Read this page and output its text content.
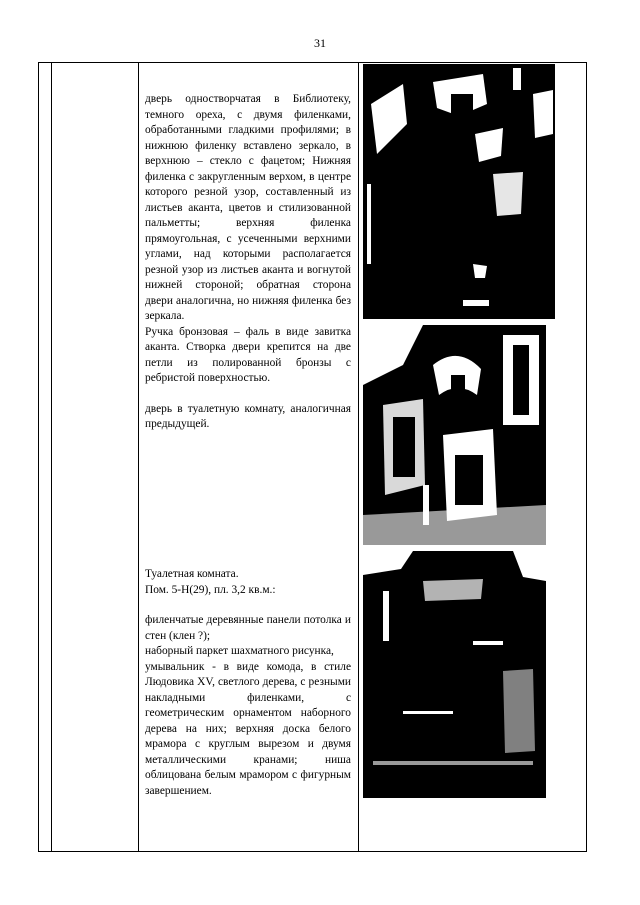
31

дверь одностворчатая в Библиотеку, темного ореха, с двумя филенками, обработанными гладкими профилями; в нижнюю филенку вставлено зеркало, в верхнюю – стекло с фацетом; Нижняя филенка с закругленным верхом, в центре которого резной узор, составленный из листьев аканта, цветов и стилизованной пальметты; верхняя филенка прямоугольная, с усеченными верхними углами, над которыми располагается резной узор из листьев аканта и вогнутой нижней стороной; обратная сторона двери аналогична, но нижняя филенка без зеркала.

Ручка бронзовая – фаль в виде завитка аканта. Створка двери крепится на две петли из полированной бронзы с ребристой поверхностью.

дверь в туалетную комнату, аналогичная предыдущей.

Туалетная комната.

Пом. 5-Н(29), пл. 3,2 кв.м.:

филенчатые деревянные панели потолка и стен (клен ?);

наборный паркет шахматного рисунка,

умывальник - в виде комода, в стиле Людовика XV, светлого дерева, с резными накладными филенками, с геометрическим орнаментом наборного дерева на них; верхняя доска белого мрамора с круглым вырезом и двумя металлическими кранами; ниша облицована белым мрамором с фигурным завершением.
